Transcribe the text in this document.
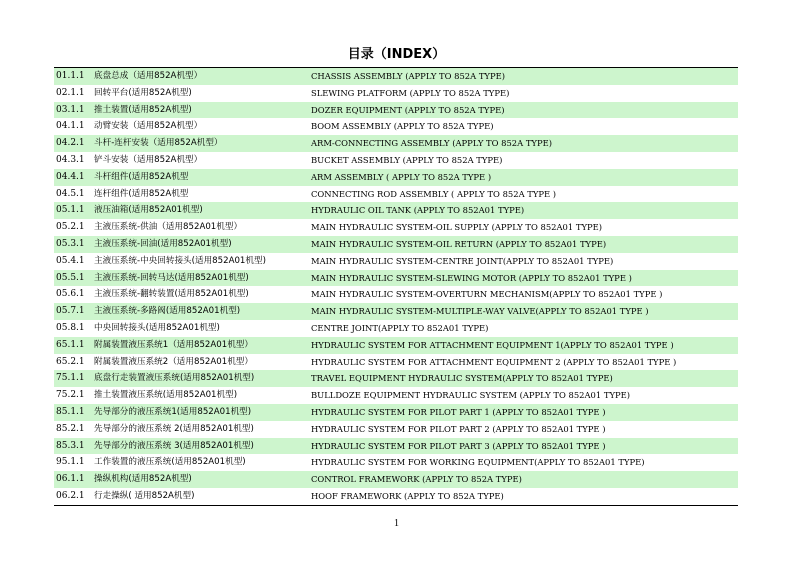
目录（INDEX）
01.1.1 底盘总成（适用852A机型）	CHASSIS ASSEMBLY (APPLY TO 852A TYPE)
02.1.1 回转平台(适用852A机型)	SLEWING PLATFORM (APPLY TO 852A TYPE)
03.1.1 推土装置(适用852A机型)	DOZER EQUIPMENT (APPLY TO 852A TYPE)
04.1.1 动臂安装（适用852A机型）	BOOM ASSEMBLY (APPLY TO 852A TYPE)
04.2.1 斗杆-连杆安装（适用852A机型）	ARM-CONNECTING ASSEMBLY (APPLY TO 852A TYPE)
04.3.1 铲斗安装（适用852A机型）	BUCKET ASSEMBLY (APPLY TO 852A TYPE)
04.4.1 斗杆组件(适用852A机型	ARM ASSEMBLY ( APPLY TO 852A TYPE )
04.5.1 连杆组件(适用852A机型	CONNECTING ROD ASSEMBLY ( APPLY TO 852A TYPE )
05.1.1 液压油箱(适用852A01机型)	HYDRAULIC OIL TANK (APPLY TO 852A01 TYPE)
05.2.1 主液压系统-供油（适用852A01机型）	MAIN HYDRAULIC SYSTEM-OIL SUPPLY (APPLY TO 852A01 TYPE)
05.3.1 主液压系统-回油(适用852A01机型)	MAIN HYDRAULIC SYSTEM-OIL RETURN (APPLY TO 852A01 TYPE)
05.4.1 主液压系统-中央回转接头(适用852A01机型)	MAIN HYDRAULIC SYSTEM-CENTRE JOINT(APPLY TO 852A01 TYPE)
05.5.1 主液压系统-回转马达(适用852A01机型)	MAIN HYDRAULIC SYSTEM-SLEWING MOTOR (APPLY TO 852A01 TYPE )
05.6.1 主液压系统-翻转装置(适用852A01机型)	MAIN HYDRAULIC SYSTEM-OVERTURN MECHANISM(APPLY TO 852A01 TYPE )
05.7.1 主液压系统-多路阀(适用852A01机型)	MAIN HYDRAULIC SYSTEM-MULTIPLE-WAY VALVE(APPLY TO 852A01 TYPE )
05.8.1 中央回转接头(适用852A01机型)	CENTRE JOINT(APPLY TO 852A01 TYPE)
65.1.1 附属装置液压系统1（适用852A01机型）	HYDRAULIC SYSTEM FOR ATTACHMENT EQUIPMENT 1(APPLY TO 852A01 TYPE )
65.2.1 附属装置液压系统2（适用852A01机型）	HYDRAULIC SYSTEM FOR ATTACHMENT EQUIPMENT 2 (APPLY TO 852A01 TYPE )
75.1.1 底盘行走装置液压系统(适用852A01机型)	TRAVEL EQUIPMENT HYDRAULIC SYSTEM(APPLY TO 852A01 TYPE)
75.2.1 推土装置液压系统(适用852A01机型)	BULLDOZE EQUIPMENT HYDRAULIC SYSTEM (APPLY TO 852A01 TYPE)
85.1.1 先导部分的液压系统1(适用852A01机型)	HYDRAULIC SYSTEM FOR PILOT PART 1 (APPLY TO 852A01 TYPE )
85.2.1 先导部分的液压系统 2(适用852A01机型)	HYDRAULIC SYSTEM FOR PILOT PART 2 (APPLY TO 852A01 TYPE )
85.3.1 先导部分的液压系统 3(适用852A01机型)	HYDRAULIC SYSTEM FOR PILOT PART 3 (APPLY TO 852A01 TYPE )
95.1.1 工作装置的液压系统(适用852A01机型)	HYDRAULIC SYSTEM FOR WORKING EQUIPMENT(APPLY TO 852A01 TYPE)
06.1.1 操纵机构(适用852A机型)	CONTROL FRAMEWORK (APPLY TO 852A TYPE)
06.2.1 行走操纵( 适用852A机型)	HOOF FRAMEWORK (APPLY TO 852A TYPE)
1
